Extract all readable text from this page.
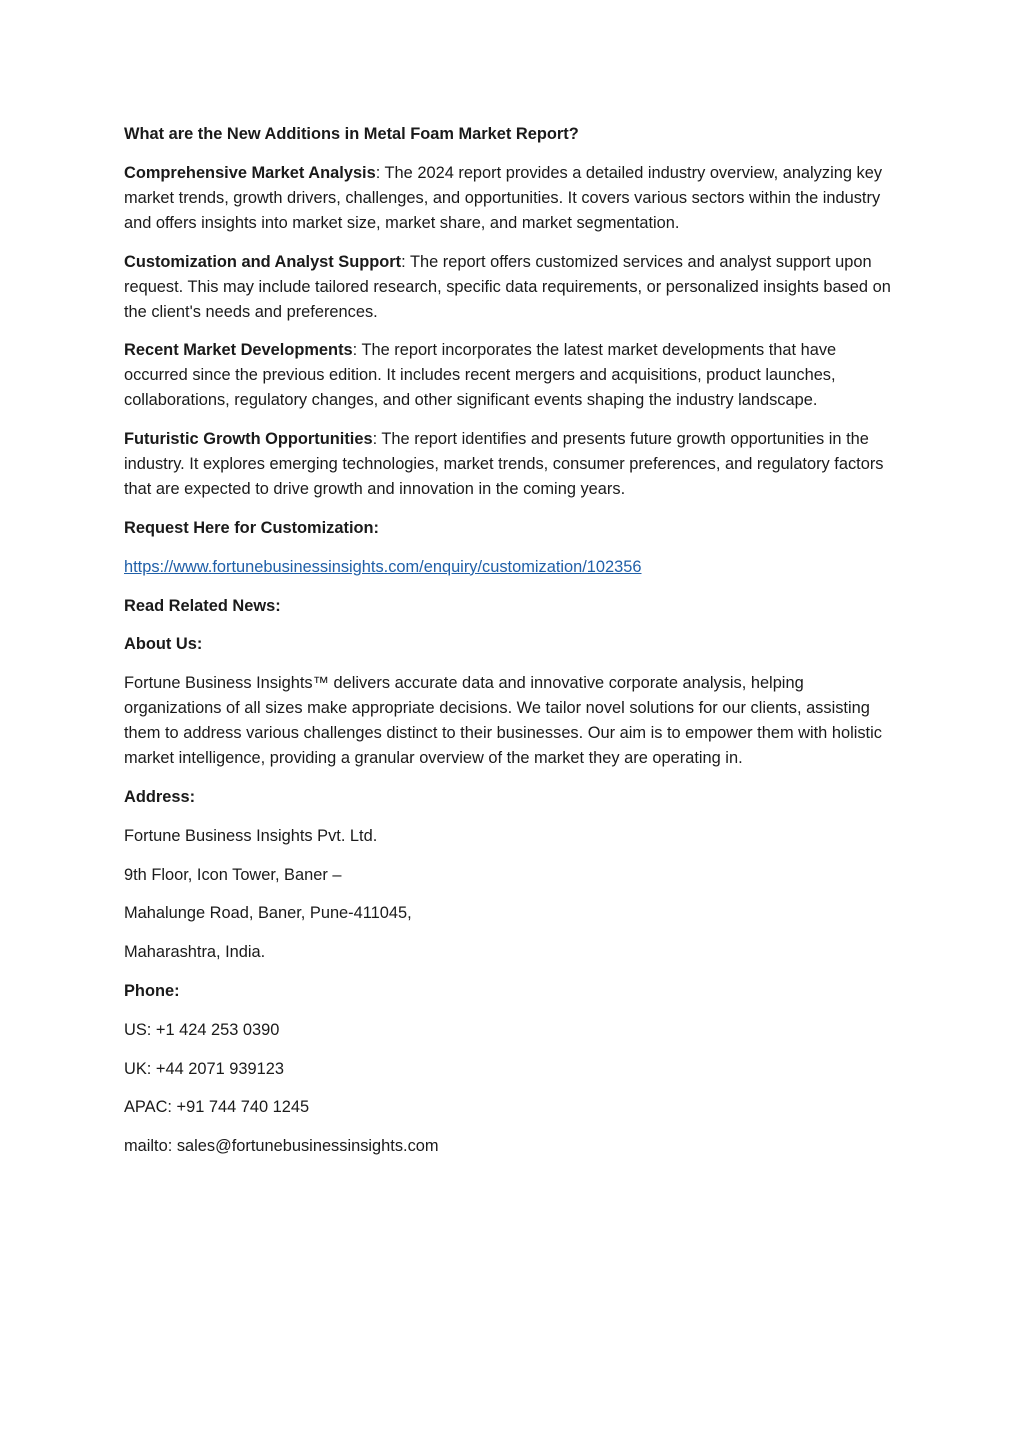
What are the New Additions in Metal Foam Market Report?

Comprehensive Market Analysis: The 2024 report provides a detailed industry overview, analyzing key market trends, growth drivers, challenges, and opportunities. It covers various sectors within the industry and offers insights into market size, market share, and market segmentation.

Customization and Analyst Support: The report offers customized services and analyst support upon request. This may include tailored research, specific data requirements, or personalized insights based on the client's needs and preferences.

Recent Market Developments: The report incorporates the latest market developments that have occurred since the previous edition. It includes recent mergers and acquisitions, product launches, collaborations, regulatory changes, and other significant events shaping the industry landscape.

Futuristic Growth Opportunities: The report identifies and presents future growth opportunities in the industry. It explores emerging technologies, market trends, consumer preferences, and regulatory factors that are expected to drive growth and innovation in the coming years.

Request Here for Customization:

https://www.fortunebusinessinsights.com/enquiry/customization/102356

Read Related News:

About Us:

Fortune Business Insights™ delivers accurate data and innovative corporate analysis, helping organizations of all sizes make appropriate decisions. We tailor novel solutions for our clients, assisting them to address various challenges distinct to their businesses. Our aim is to empower them with holistic market intelligence, providing a granular overview of the market they are operating in.

Address:

Fortune Business Insights Pvt. Ltd.

9th Floor, Icon Tower, Baner –

Mahalunge Road, Baner, Pune-411045,

Maharashtra, India.

Phone:

US: +1 424 253 0390

UK: +44 2071 939123

APAC: +91 744 740 1245

mailto: sales@fortunebusinessinsights.com
